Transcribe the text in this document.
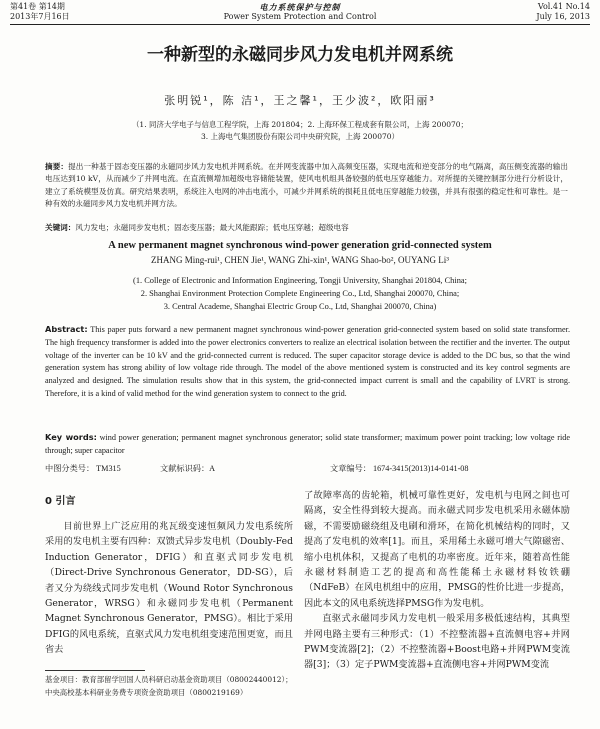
第41卷 第14期
2013年7月16日
电力系统保护与控制
Power System Protection and Control
Vol.41 No.14
July 16, 2013
一种新型的永磁同步风力发电机并网系统
张明锐¹，陈 洁¹，王之馨¹，王少波²，欧阳丽³
（1. 同济大学电子与信息工程学院，上海 201804；2. 上海环保工程成套有限公司，上海 200070；
3. 上海电气集团股份有限公司中央研究院，上海 200070）
摘要：提出一种基于固态变压器的永磁同步风力发电机并网系统。在并网变流器中加入高频变压器，实现电流和逆变部分的电气隔离，高压侧变流器的输出电压达到10 kV，从而减少了并网电流。在直流侧增加超级电容储能装置，使风电机组具备较强的低电压穿越能力。对所提的关键控制部分进行分析设计，建立了系统模型及仿真。研究结果表明，系统注入电网的冲击电流小，可减少并网系统的损耗且低电压穿越能力较强，并具有很强的稳定性和可靠性。是一种有效的永磁同步风力发电机并网方法。
关键词：风力发电；永磁同步发电机；固态变压器；最大风能跟踪；低电压穿越；超级电容
A new permanent magnet synchronous wind-power generation grid-connected system
ZHANG Ming-rui¹, CHEN Jie¹, WANG Zhi-xin¹, WANG Shao-bo², OUYANG Li³
(1. College of Electronic and Information Engineering, Tongji University, Shanghai 201804, China;
2. Shanghai Environment Protection Complete Engineering Co., Ltd, Shanghai 200070, China;
3. Central Academe, Shanghai Electric Group Co., Ltd, Shanghai 200070, China)
Abstract: This paper puts forward a new permanent magnet synchronous wind-power generation grid-connected system based on solid state transformer. The high frequency transformer is added into the power electronics converters to realize an electrical isolation between the rectifier and the inverter. The output voltage of the inverter can be 10 kV and the grid-connected current is reduced. The super capacitor storage device is added to the DC bus, so that the wind generation system has strong ability of low voltage ride through. The model of the above mentioned system is constructed and its key control segments are analyzed and designed. The simulation results show that in this system, the grid-connected impact current is small and the capability of LVRT is strong. Therefore, it is a kind of valid method for the wind generation system to connect to the grid.
Key words: wind power generation; permanent magnet synchronous generator; solid state transformer; maximum power point tracking; low voltage ride through; super capacitor
中图分类号： TM315	文献标识码：A	文章编号： 1674-3415(2013)14-0141-08
0 引言

目前世界上广泛应用的兆瓦级变速恒频风力发电系统所采用的发电机主要有四种：双馈式异步发电机（Doubly-Fed Induction Generator，DFIG）和直驱式同步发电机（Direct-Drive Synchronous Generator，DD-SG），后者又分为绕线式同步发电机（Wound Rotor Synchronous Generator，WRSG）和永磁同步发电机（Permanent Magnet Synchronous Generator，PMSG）。相比于采用DFIG的风电系统，直驱式风力发电机组变速范围更宽，而且省去

了故障率高的齿轮箱，机械可靠性更好，发电机与电网之间也可隔离，安全性得到较大提高。而永磁式同步发电机采用永磁体励磁，不需要励磁绕组及电刷和滑环，在简化机械结构的同时，又提高了发电机的效率[1]。而且，采用稀土永磁可增大气隙磁密、缩小电机体积，又提高了电机的功率密度。近年来，随着高性能永磁材料制造工艺的提高和高性能稀土永磁材料钕铁硼（NdFeB）在风电机组中的应用，PMSG的性价比进一步提高，因此本文的风电系统选择PMSG作为发电机。

直驱式永磁同步风力发电机一般采用多极低速结构，其典型并网电路主要有三种形式：（1）不控整流器+直流侧电容+并网PWM变流器[2]；（2）不控整流器+Boost电路+并网PWM变流器[3]；（3）定子PWM变流器+直流侧电容+并网PWM变流

基金项目：教育部留学回国人员科研启动基金资助项目（08002440012）；中央高校基本科研业务费专项资金资助项目（0800219169）
